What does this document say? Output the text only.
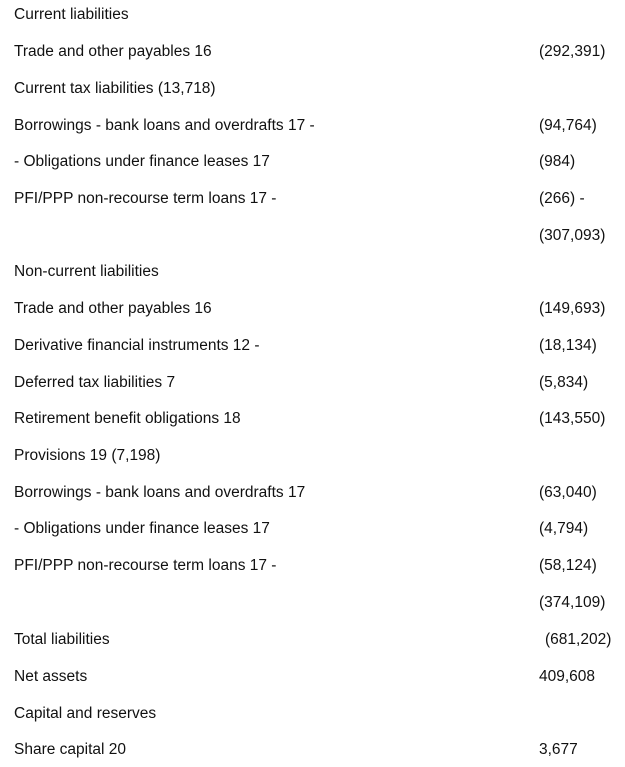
Current liabilities
Trade and other payables 16	(292,391)
Current tax liabilities (13,718)
Borrowings - bank loans and overdrafts 17 -	(94,764)
- Obligations under finance leases 17	(984)
PFI/PPP non-recourse term loans 17 -	(266) -
(307,093)
Non-current liabilities
Trade and other payables 16	(149,693)
Derivative financial instruments 12 -	(18,134)
Deferred tax liabilities 7	(5,834)
Retirement benefit obligations 18	(143,550)
Provisions 19 (7,198)
Borrowings - bank loans and overdrafts 17	(63,040)
- Obligations under finance leases 17	(4,794)
PFI/PPP non-recourse term loans 17 -	(58,124)
(374,109)
Total liabilities	(681,202)
Net assets	409,608
Capital and reserves
Share capital 20	3,677
